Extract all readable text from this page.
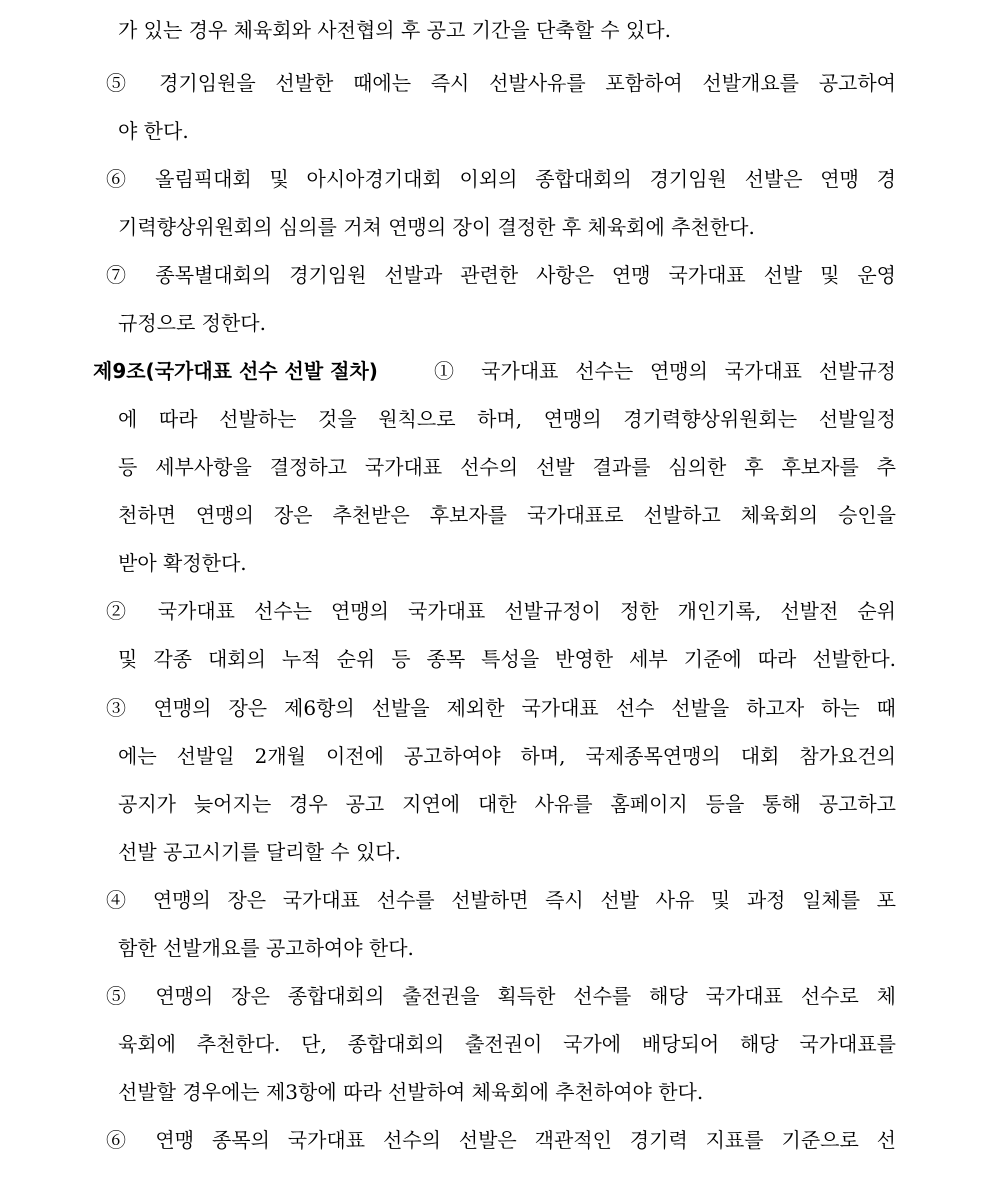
가 있는 경우 체육회와 사전협의 후 공고 기간을 단축할 수 있다.
⑤ 경기임원을 선발한 때에는 즉시 선발사유를 포함하여 선발개요를 공고하여
야 한다.
⑥ 올림픽대회 및 아시아경기대회 이외의 종합대회의 경기임원 선발은 연맹 경
기력향상위원회의 심의를 거쳐 연맹의 장이 결정한 후 체육회에 추천한다.
⑦ 종목별대회의 경기임원 선발과 관련한 사항은 연맹 국가대표 선발 및 운영
규정으로 정한다.
제9조(국가대표 선수 선발 절차)	① 국가대표 선수는 연맹의 국가대표 선발규정
에 따라 선발하는 것을 원칙으로 하며, 연맹의 경기력향상위원회는 선발일정
등 세부사항을 결정하고 국가대표 선수의 선발 결과를 심의한 후 후보자를 추
천하면 연맹의 장은 추천받은 후보자를 국가대표로 선발하고 체육회의 승인을
받아 확정한다.
② 국가대표 선수는 연맹의 국가대표 선발규정이 정한 개인기록, 선발전 순위
및 각종 대회의 누적 순위 등 종목 특성을 반영한 세부 기준에 따라 선발한다.
③ 연맹의 장은 제6항의 선발을 제외한 국가대표 선수 선발을 하고자 하는 때
에는 선발일 2개월 이전에 공고하여야 하며, 국제종목연맹의 대회 참가요건의
공지가 늦어지는 경우 공고 지연에 대한 사유를 홈페이지 등을 통해 공고하고
선발 공고시기를 달리할 수 있다.
④ 연맹의 장은 국가대표 선수를 선발하면 즉시 선발 사유 및 과정 일체를 포
함한 선발개요를 공고하여야 한다.
⑤ 연맹의 장은 종합대회의 출전권을 획득한 선수를 해당 국가대표 선수로 체
육회에 추천한다. 단, 종합대회의 출전권이 국가에 배당되어 해당 국가대표를
선발할 경우에는 제3항에 따라 선발하여 체육회에 추천하여야 한다.
⑥ 연맹 종목의 국가대표 선수의 선발은 객관적인 경기력 지표를 기준으로 선
